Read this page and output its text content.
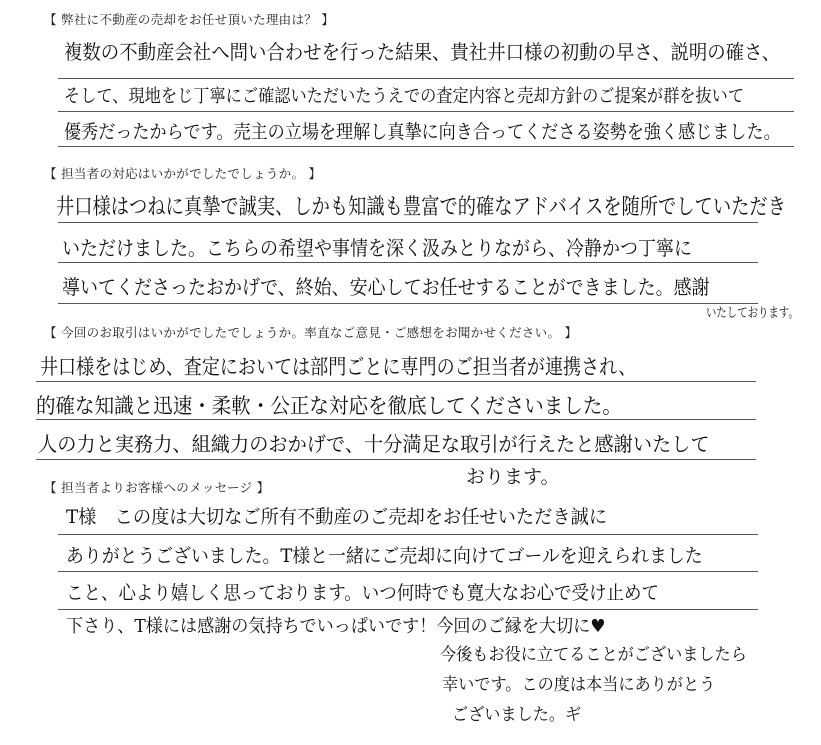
【 弊社に不動産の売却をお任せ頂いた理由は？ 】
複数の不動産会社へ問い合わせを行った結果、貴社井口様の初動の早さ、説明の確さ、
そして、現地をじ丁寧にご確認いただいたうえでの査定内容と売却方針のご提案が群を抜いて
優秀だったからです。売主の立場を理解し真摯に向き合ってくださる姿勢を強く感じました。
【 担当者の対応はいかがでしたでしょうか。 】
井口様はつねに真摯で誠実、しかも知識も豊富で的確なアドバイスを随所でしていただき
いただけました。こちらの希望や事情を深く汲みとりながら、冷静かつ丁寧に
導いてくださったおかげで、終始、安心してお任せすることができました。感謝
いたしております。
【 今回のお取引はいかがでしたでしょうか。率直なご意見・ご感想をお聞かせください。 】
井口様をはじめ、査定においては部門ごとに専門のご担当者が連携され、
的確な知識と迅速・柔軟・公正な対応を徹底してくださいました。
人の力と実務力、組織力のおかげで、十分満足な取引が行えたと感謝いたして
おります。
【 担当者よりお客様へのメッセージ 】
T様　この度は大切なご所有不動産のご売却をお任せいただき誠に
ありがとうございました。T様と一緒にご売却に向けてゴールを迎えられました
こと、心より嬉しく思っております。いつ何時でも寛大なお心で受け止めて
下さり、T様には感謝の気持ちでいっぱいです！今回のご縁を大切に♥
今後もお役に立てることがございましたら
幸いです。この度は本当にありがとう
ございました。ギ
